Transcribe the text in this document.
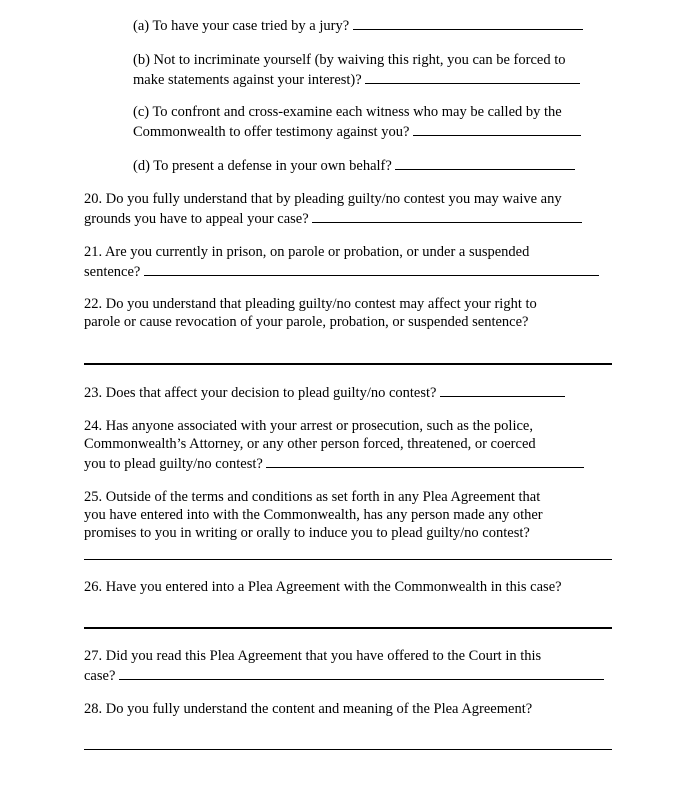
(a) To have your case tried by a jury?
(b) Not to incriminate yourself (by waiving this right, you can be forced to
make statements against your interest)?
(c) To confront and cross-examine each witness who may be called by the
Commonwealth to offer testimony against you?
(d) To present a defense in your own behalf?
20. Do you fully understand that by pleading guilty/no contest you may waive any
grounds you have to appeal your case?
21. Are you currently in prison, on parole or probation, or under a suspended
sentence?
22. Do you understand that pleading guilty/no contest may affect your right to
parole or cause revocation of your parole, probation, or suspended sentence?
23. Does that affect your decision to plead guilty/no contest?
24. Has anyone associated with your arrest or prosecution, such as the police,
Commonwealth’s Attorney, or any other person forced, threatened, or coerced
you to plead guilty/no contest?
25. Outside of the terms and conditions as set forth in any Plea Agreement that
you have entered into with the Commonwealth, has any person made any other
promises to you in writing or orally to induce you to plead guilty/no contest?
26. Have you entered into a Plea Agreement with the Commonwealth in this case?
27. Did you read this Plea Agreement that you have offered to the Court in this
case?
28. Do you fully understand the content and meaning of the Plea Agreement?
